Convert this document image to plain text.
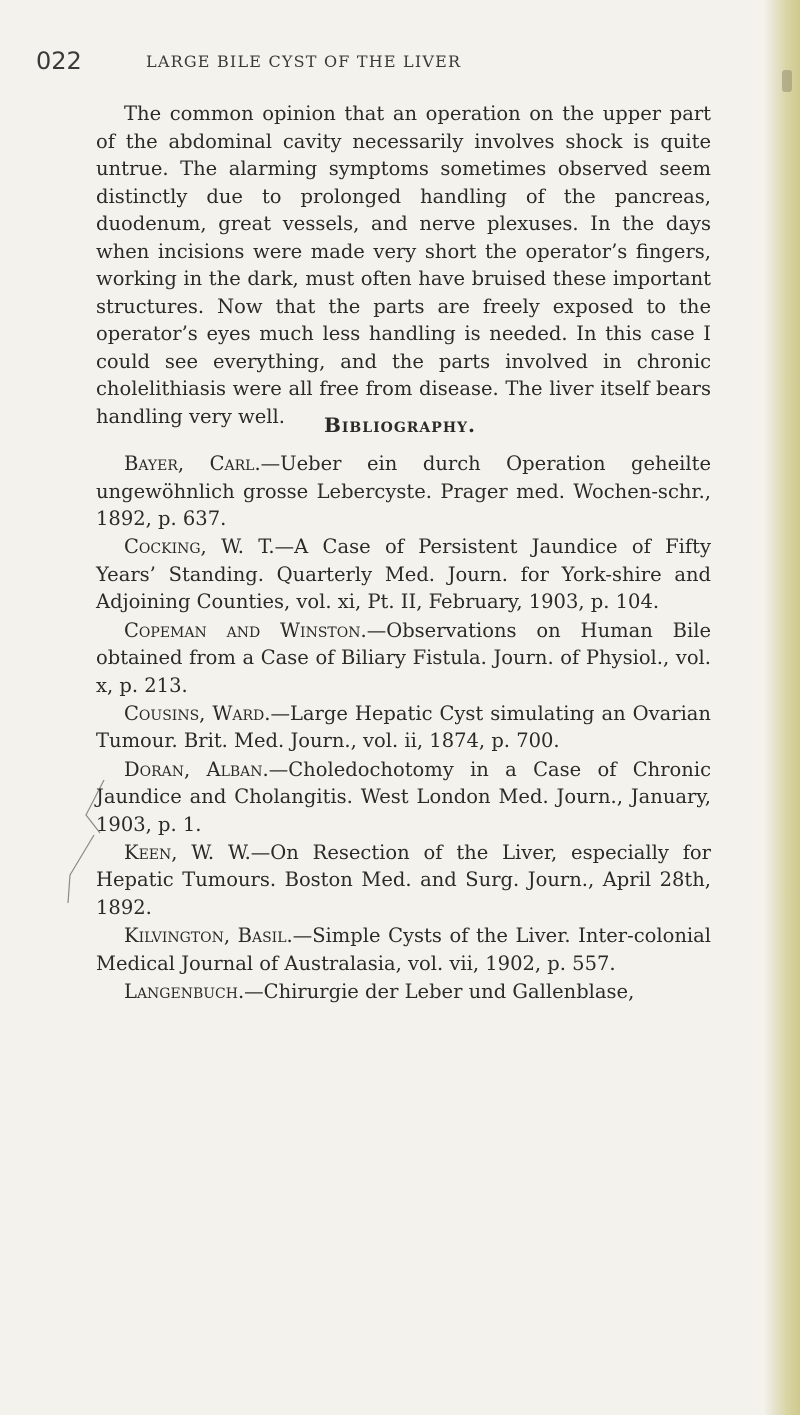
022	LARGE BILE CYST OF THE LIVER

The common opinion that an operation on the upper part of the abdominal cavity necessarily involves shock is quite untrue. The alarming symptoms sometimes observed seem distinctly due to prolonged handling of the pancreas, duodenum, great vessels, and nerve plexuses. In the days when incisions were made very short the operator’s fingers, working in the dark, must often have bruised these important structures. Now that the parts are freely exposed to the operator’s eyes much less handling is needed. In this case I could see everything, and the parts involved in chronic cholelithiasis were all free from disease. The liver itself bears handling very well.	Bibliography.

Bayer, Carl.—Ueber ein durch Operation geheilte ungewöhnlich grosse Lebercyste. Prager med. Wochen-schr., 1892, p. 637.

Cocking, W. T.—A Case of Persistent Jaundice of Fifty Years’ Standing. Quarterly Med. Journ. for York-shire and Adjoining Counties, vol. xi, Pt. II, February, 1903, p. 104.

Copeman and Winston.—Observations on Human Bile obtained from a Case of Biliary Fistula. Journ. of Physiol., vol. x, p. 213.

Cousins, Ward.—Large Hepatic Cyst simulating an Ovarian Tumour. Brit. Med. Journ., vol. ii, 1874, p. 700.

Doran, Alban.—Choledochotomy in a Case of Chronic Jaundice and Cholangitis. West London Med. Journ., January, 1903, p. 1.

Keen, W. W.—On Resection of the Liver, especially for Hepatic Tumours. Boston Med. and Surg. Journ., April 28th, 1892.

Kilvington, Basil.—Simple Cysts of the Liver. Inter-colonial Medical Journal of Australasia, vol. vii, 1902, p. 557.

Langenbuch.—Chirurgie der Leber und Gallenblase,
